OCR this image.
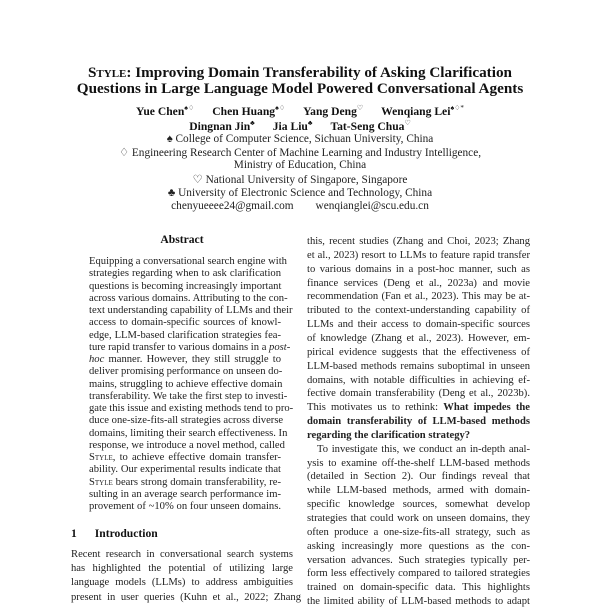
Style: Improving Domain Transferability of Asking Clarification
Questions in Large Language Model Powered Conversational Agents
Yue Chen♠♢ Chen Huang♠♢ Yang Deng♡ Wenqiang Lei♠♢*
Dingnan Jin♣ Jia Liu♣ Tat-Seng Chua♡
♠ College of Computer Science, Sichuan University, China
♢ Engineering Research Center of Machine Learning and Industry Intelligence,
Ministry of Education, China
♡ National University of Singapore, Singapore
♣ University of Electronic Science and Technology, China
chenyueeee24@gmail.com wenqianglei@scu.edu.cn
Abstract
Equipping a conversational search engine with
strategies regarding when to ask clarification
questions is becoming increasingly important
across various domains. Attributing to the con-
text understanding capability of LLMs and their
access to domain-specific sources of knowl-
edge, LLM-based clarification strategies fea-
ture rapid transfer to various domains in a post-
hoc manner. However, they still struggle to
deliver promising performance on unseen do-
mains, struggling to achieve effective domain
transferability. We take the first step to investi-
gate this issue and existing methods tend to pro-
duce one-size-fits-all strategies across diverse
domains, limiting their search effectiveness. In
response, we introduce a novel method, called
Style, to achieve effective domain transfer-
ability. Our experimental results indicate that
Style bears strong domain transferability, re-
sulting in an average search performance im-
provement of ~10% on four unseen domains.
1 Introduction
Recent research in conversational search systems
has highlighted the potential of utilizing large
language models (LLMs) to address ambiguities
present in user queries (Kuhn et al., 2022; Zhang
this, recent studies (Zhang and Choi, 2023; Zhang
et al., 2023) resort to LLMs to feature rapid transfer
to various domains in a post-hoc manner, such as
finance services (Deng et al., 2023a) and movie
recommendation (Fan et al., 2023). This may be at-
tributed to the context-understanding capability of
LLMs and their access to domain-specific sources
of knowledge (Zhang et al., 2023). However, em-
pirical evidence suggests that the effectiveness of
LLM-based methods remains suboptimal in unseen
domains, with notable difficulties in achieving ef-
fective domain transferability (Deng et al., 2023b).
This motivates us to rethink: What impedes the
domain transferability of LLM-based methods
regarding the clarification strategy?
To investigate this, we conduct an in-depth anal-
ysis to examine off-the-shelf LLM-based methods
(detailed in Section 2). Our findings reveal that
while LLM-based methods, armed with domain-
specific knowledge sources, somewhat develop
strategies that could work on unseen domains, they
often produce a one-size-fits-all strategy, such as
asking increasingly more questions as the con-
versation advances. Such strategies typically per-
form less effectively compared to tailored strategies
trained on domain-specific data. This highlights
the limited ability of LLM-based methods to adapt
